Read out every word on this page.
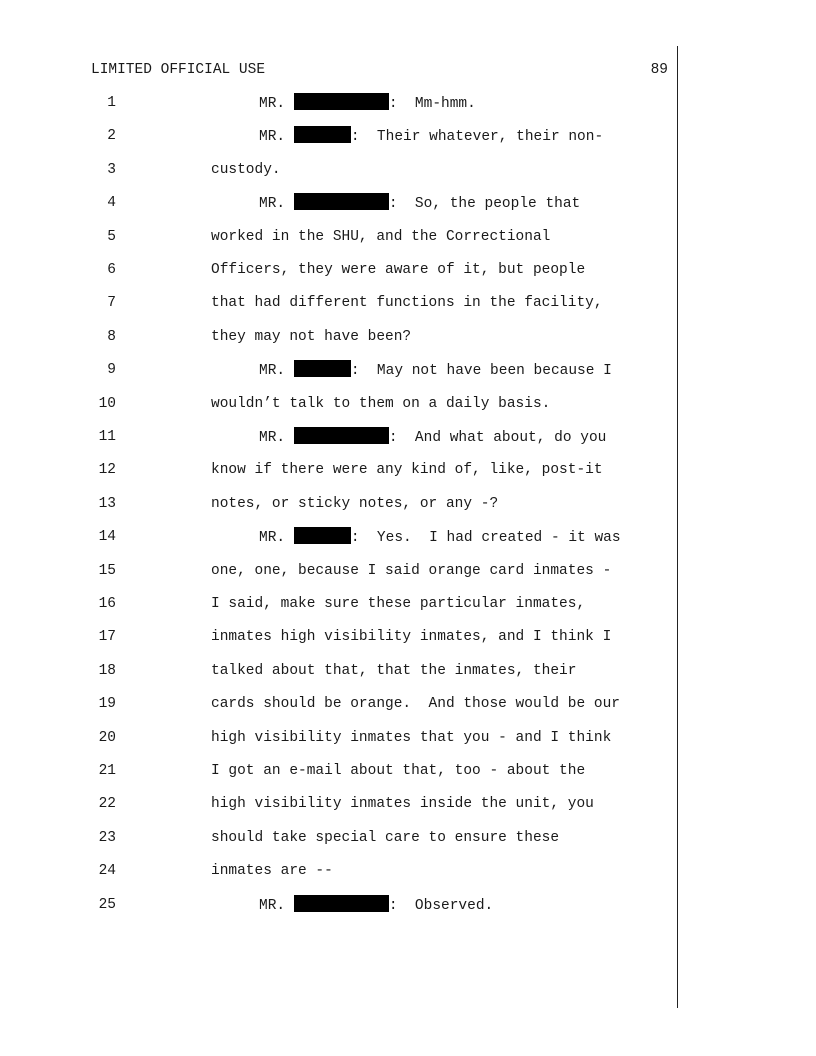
LIMITED OFFICIAL USE	89
1	MR.	:  Mm-hmm.
2	MR.	:  Their whatever, their non-
3	custody.
4	MR.	:  So, the people that
5	worked in the SHU, and the Correctional
6	Officers, they were aware of it, but people
7	that had different functions in the facility,
8	they may not have been?
9	MR.	:  May not have been because I
10	wouldn’t talk to them on a daily basis.
11	MR.	:  And what about, do you
12	know if there were any kind of, like, post-it
13	notes, or sticky notes, or any -?
14	MR.	:  Yes.  I had created - it was
15	one, one, because I said orange card inmates -
16	I said, make sure these particular inmates,
17	inmates high visibility inmates, and I think I
18	talked about that, that the inmates, their
19	cards should be orange.  And those would be our
20	high visibility inmates that you - and I think
21	I got an e-mail about that, too - about the
22	high visibility inmates inside the unit, you
23	should take special care to ensure these
24	inmates are --
25	MR.	:  Observed.
